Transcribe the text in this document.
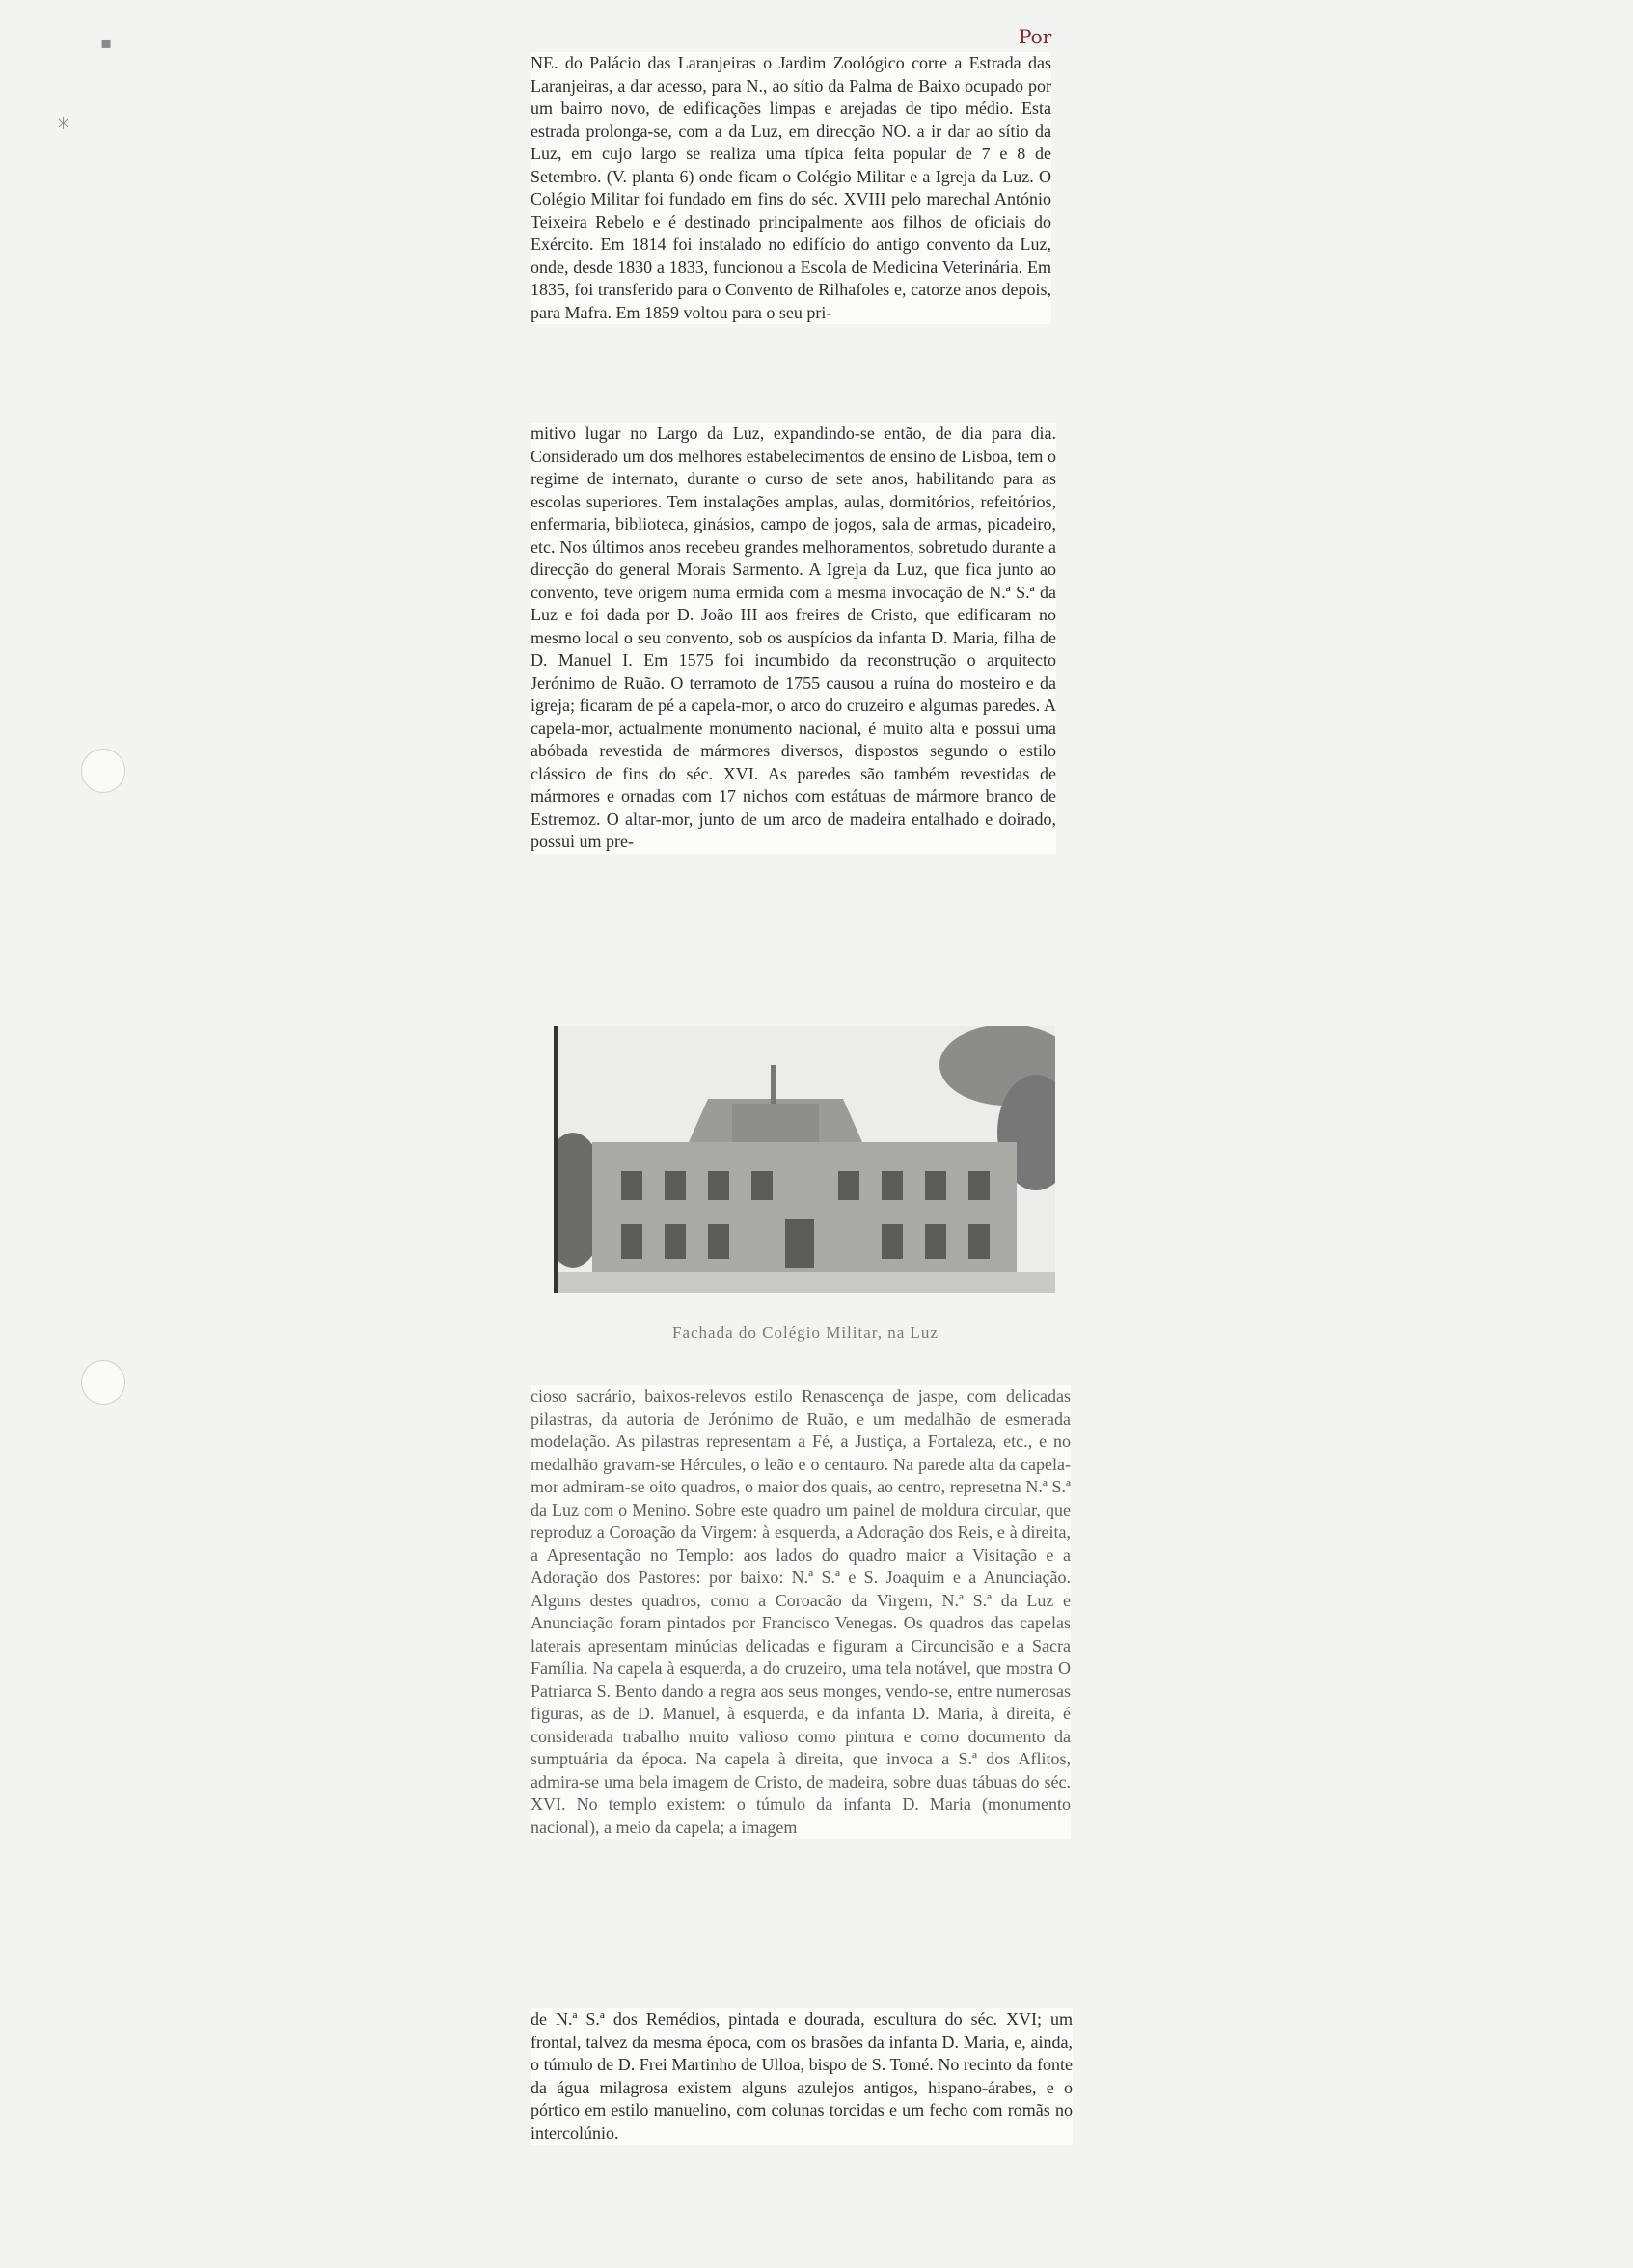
▪
✳
Por

NE. do Palácio das Laranjeiras o Jardim Zoológico corre a Estrada das Laranjeiras, a dar acesso, para N., ao sítio da Palma de Baixo ocupado por um bairro novo, de edificações limpas e arejadas de tipo médio. Esta estrada prolonga-se, com a da Luz, em direcção NO. a ir dar ao sítio da Luz, em cujo largo se realiza uma típica feita popular de 7 e 8 de Setembro. (V. planta 6) onde ficam o Colégio Militar e a Igreja da Luz. O Colégio Militar foi fundado em fins do séc. XVIII pelo marechal António Teixeira Rebelo e é destinado principalmente aos filhos de oficiais do Exército. Em 1814 foi instalado no edifício do antigo convento da Luz, onde, desde 1830 a 1833, funcionou a Escola de Medicina Veterinária. Em 1835, foi transferido para o Convento de Rilhafoles e, catorze anos depois, para Mafra. Em 1859 voltou para o seu pri-

mitivo lugar no Largo da Luz, expandindo-se então, de dia para dia. Considerado um dos melhores estabelecimentos de ensino de Lisboa, tem o regime de internato, durante o curso de sete anos, habilitando para as escolas superiores. Tem instalações amplas, aulas, dormitórios, refeitórios, enfermaria, biblioteca, ginásios, campo de jogos, sala de armas, picadeiro, etc. Nos últimos anos recebeu grandes melhoramentos, sobretudo durante a direcção do general Morais Sarmento. A Igreja da Luz, que fica junto ao convento, teve origem numa ermida com a mesma invocação de N.ª S.ª da Luz e foi dada por D. João III aos freires de Cristo, que edificaram no mesmo local o seu convento, sob os auspícios da infanta D. Maria, filha de D. Manuel I. Em 1575 foi incumbido da reconstrução o arquitecto Jerónimo de Ruão. O terramoto de 1755 causou a ruína do mosteiro e da igreja; ficaram de pé a capela-mor, o arco do cruzeiro e algumas paredes. A capela-mor, actualmente monumento nacional, é muito alta e possui uma abóbada revestida de mármores diversos, dispostos segundo o estilo clássico de fins do séc. XVI. As paredes são também revestidas de mármores e ornadas com 17 nichos com estátuas de mármore branco de Estremoz. O altar-mor, junto de um arco de madeira entalhado e doirado, possui um pre-

Fachada do Colégio Militar, na Luz

cioso sacrário, baixos-relevos estilo Renascença de jaspe, com delicadas pilastras, da autoria de Jerónimo de Ruão, e um medalhão de esmerada modelação. As pilastras representam a Fé, a Justiça, a Fortaleza, etc., e no medalhão gravam-se Hércules, o leão e o centauro. Na parede alta da capela-mor admiram-se oito quadros, o maior dos quais, ao centro, represetna N.ª S.ª da Luz com o Menino. Sobre este quadro um painel de moldura circular, que reproduz a Coroação da Virgem: à esquerda, a Adoração dos Reis, e à direita, a Apresentação no Templo: aos lados do quadro maior a Visitação e a Adoração dos Pastores: por baixo: N.ª S.ª e S. Joaquim e a Anunciação. Alguns destes quadros, como a Coroacão da Virgem, N.ª S.ª da Luz e Anunciação foram pintados por Francisco Venegas. Os quadros das capelas laterais apresentam minúcias delicadas e figuram a Circuncisão e a Sacra Família. Na capela à esquerda, a do cruzeiro, uma tela notável, que mostra O Patriarca S. Bento dando a regra aos seus monges, vendo-se, entre numerosas figuras, as de D. Manuel, à esquerda, e da infanta D. Maria, à direita, é considerada trabalho muito valioso como pintura e como documento da sumptuária da época. Na capela à direita, que invoca a S.ª dos Aflitos, admira-se uma bela imagem de Cristo, de madeira, sobre duas tábuas do séc. XVI. No templo existem: o túmulo da infanta D. Maria (monumento nacional), a meio da capela; a imagem

de N.ª S.ª dos Remédios, pintada e dourada, escultura do séc. XVI; um frontal, talvez da mesma época, com os brasões da infanta D. Maria, e, ainda, o túmulo de D. Frei Martinho de Ulloa, bispo de S. Tomé. No recinto da fonte da água milagrosa existem alguns azulejos antigos, hispano-árabes, e o pórtico em estilo manuelino, com colunas torcidas e um fecho com romãs no intercolúnio.
